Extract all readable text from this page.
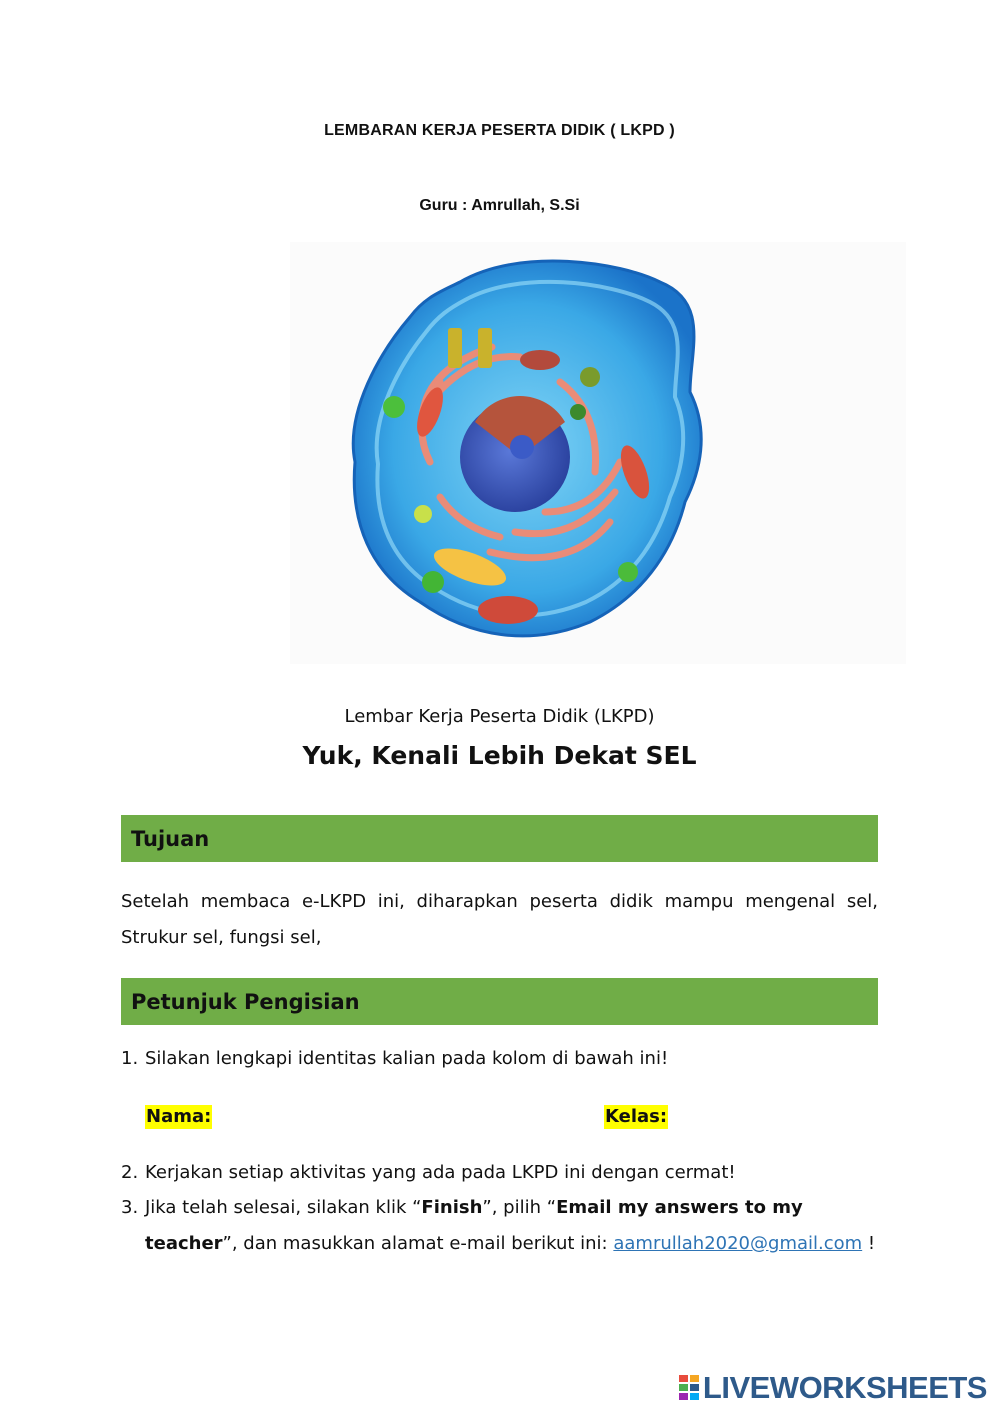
LEMBARAN KERJA PESERTA DIDIK ( LKPD )
Guru : Amrullah, S.Si
Lembar Kerja Peserta Didik (LKPD)
Yuk, Kenali Lebih Dekat SEL
Tujuan
Setelah membaca e-LKPD ini, diharapkan peserta didik mampu mengenal sel, Strukur sel, fungsi sel,
Petunjuk Pengisian
1. Silakan lengkapi identitas kalian pada kolom di bawah ini!
Nama:	Kelas:
2. Kerjakan setiap aktivitas yang ada pada LKPD ini dengan cermat!
3. Jika telah selesai, silakan klik “Finish”, pilih “Email my answers to my teacher”, dan masukkan alamat e-mail berikut ini: aamrullah2020@gmail.com !
LIVEWORKSHEETS
